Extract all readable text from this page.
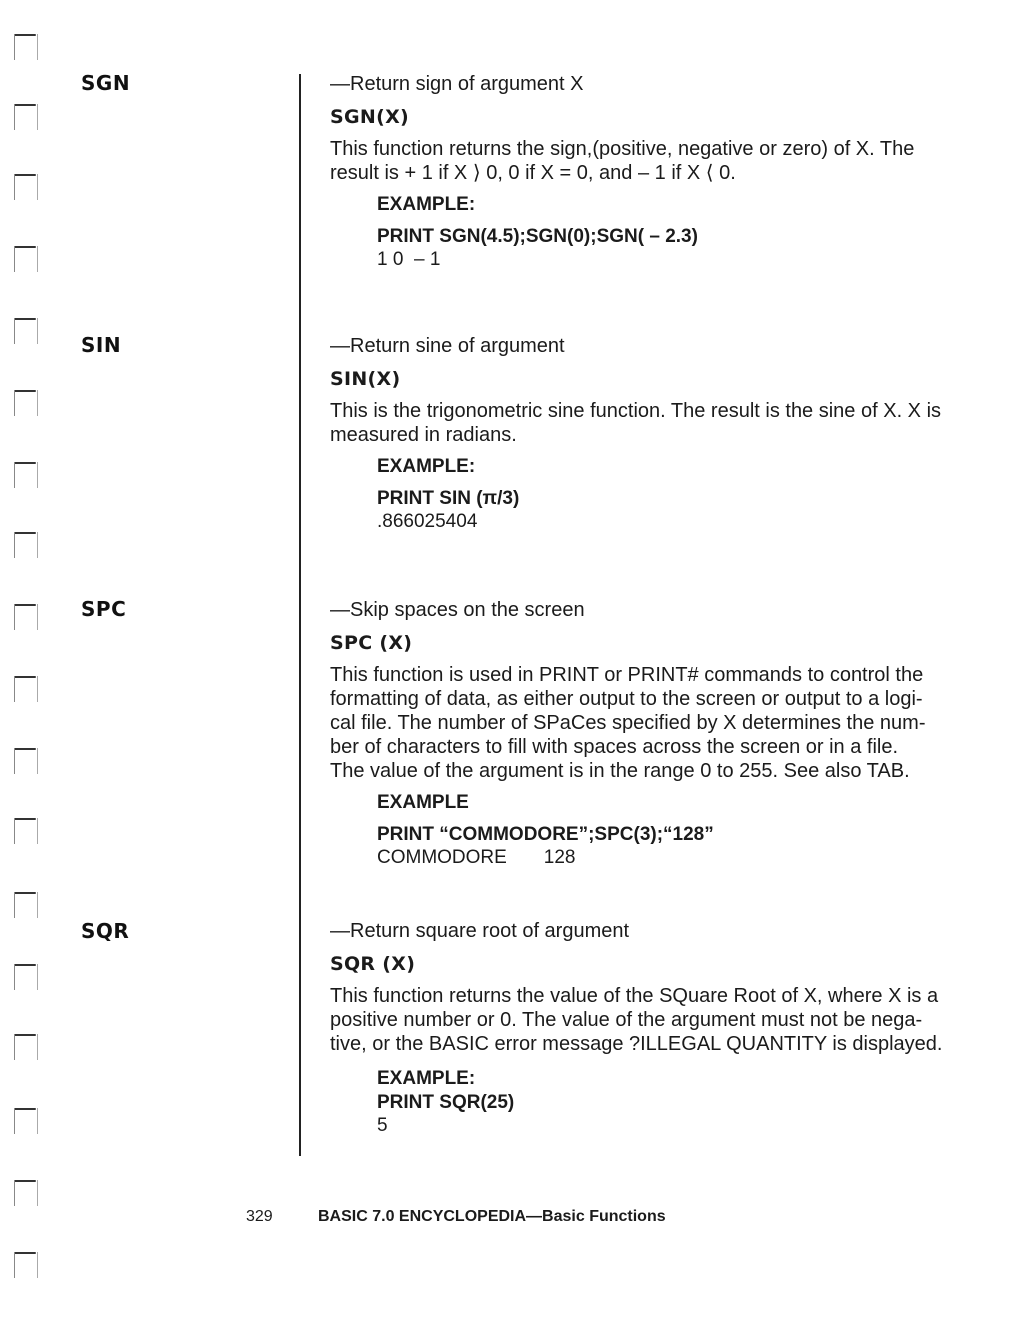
SGN	—Return sign of argument X
SGN(X)
This function returns the sign,(positive, negative or zero) of X. The
result is + 1 if X ⟩ 0, 0 if X = 0, and – 1 if X ⟨ 0.
EXAMPLE:
PRINT SGN(4.5);SGN(0);SGN( – 2.3)
1 0  – 1
SIN	—Return sine of argument
SIN(X)
This is the trigonometric sine function. The result is the sine of X. X is
measured in radians.
EXAMPLE:
PRINT SIN (π/3)
.866025404
SPC	—Skip spaces on the screen
SPC (X)
This function is used in PRINT or PRINT# commands to control the
formatting of data, as either output to the screen or output to a logi-
cal file. The number of SPaCes specified by X determines the num-
ber of characters to fill with spaces across the screen or in a file.
The value of the argument is in the range 0 to 255. See also TAB.
EXAMPLE
PRINT “COMMODORE”;SPC(3);“128”
COMMODORE       128
SQR	—Return square root of argument
SQR (X)
This function returns the value of the SQuare Root of X, where X is a
positive number or 0. The value of the argument must not be nega-
tive, or the BASIC error message ?ILLEGAL QUANTITY is displayed.
EXAMPLE:
PRINT SQR(25)
5
329	BASIC 7.0 ENCYCLOPEDIA—Basic Functions
